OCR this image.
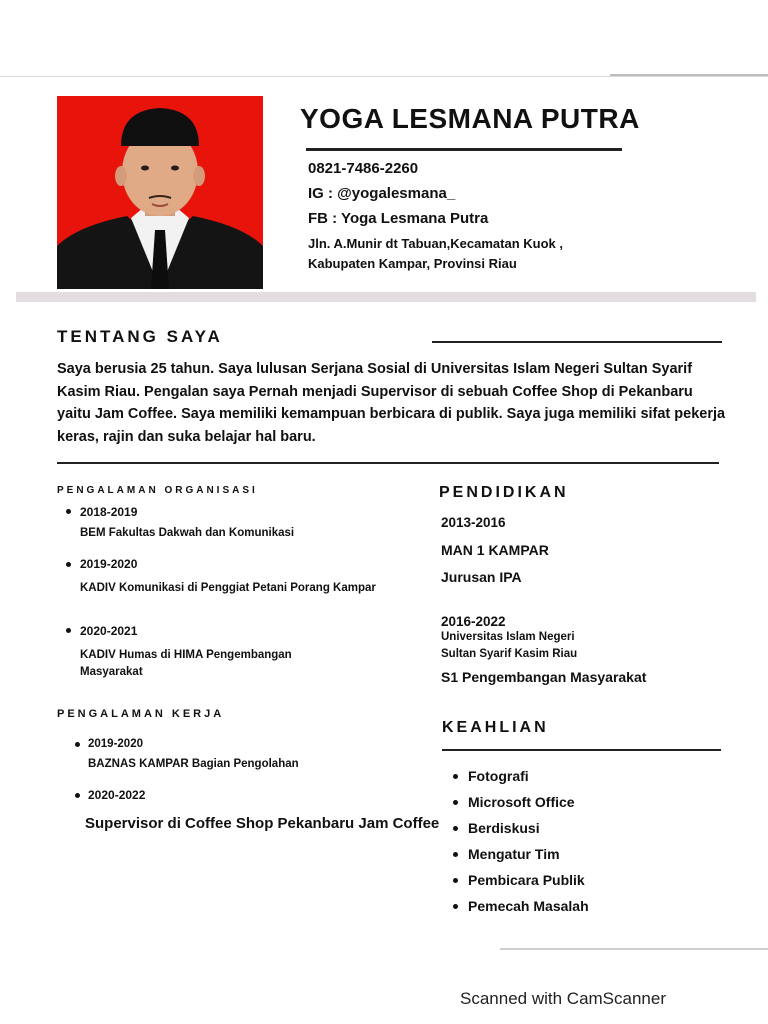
YOGA LESMANA PUTRA
0821-7486-2260
IG : @yogalesmana_
FB : Yoga Lesmana Putra
Jln. A.Munir dt Tabuan,Kecamatan Kuok ,
Kabupaten Kampar, Provinsi Riau
TENTANG SAYA
Saya berusia 25 tahun. Saya lulusan Serjana Sosial di Universitas Islam Negeri Sultan Syarif Kasim Riau. Pengalan saya Pernah menjadi Supervisor di sebuah Coffee Shop di Pekanbaru yaitu Jam Coffee. Saya memiliki kemampuan berbicara di publik. Saya juga memiliki sifat pekerja keras, rajin dan suka belajar hal baru.
PENGALAMAN ORGANISASI
2018-2019
BEM Fakultas Dakwah dan Komunikasi
2019-2020
KADIV Komunikasi di Penggiat Petani Porang Kampar
2020-2021
KADIV Humas di HIMA Pengembangan Masyarakat
PENGALAMAN KERJA
2019-2020
BAZNAS KAMPAR Bagian Pengolahan
2020-2022
Supervisor di Coffee Shop Pekanbaru Jam Coffee
PENDIDIKAN
2013-2016
MAN 1 KAMPAR
Jurusan IPA
2016-2022
Universitas Islam Negeri
Sultan Syarif Kasim Riau
S1 Pengembangan Masyarakat
KEAHLIAN
Fotografi
Microsoft Office
Berdiskusi
Mengatur Tim
Pembicara Publik
Pemecah Masalah
Scanned with CamScanner
